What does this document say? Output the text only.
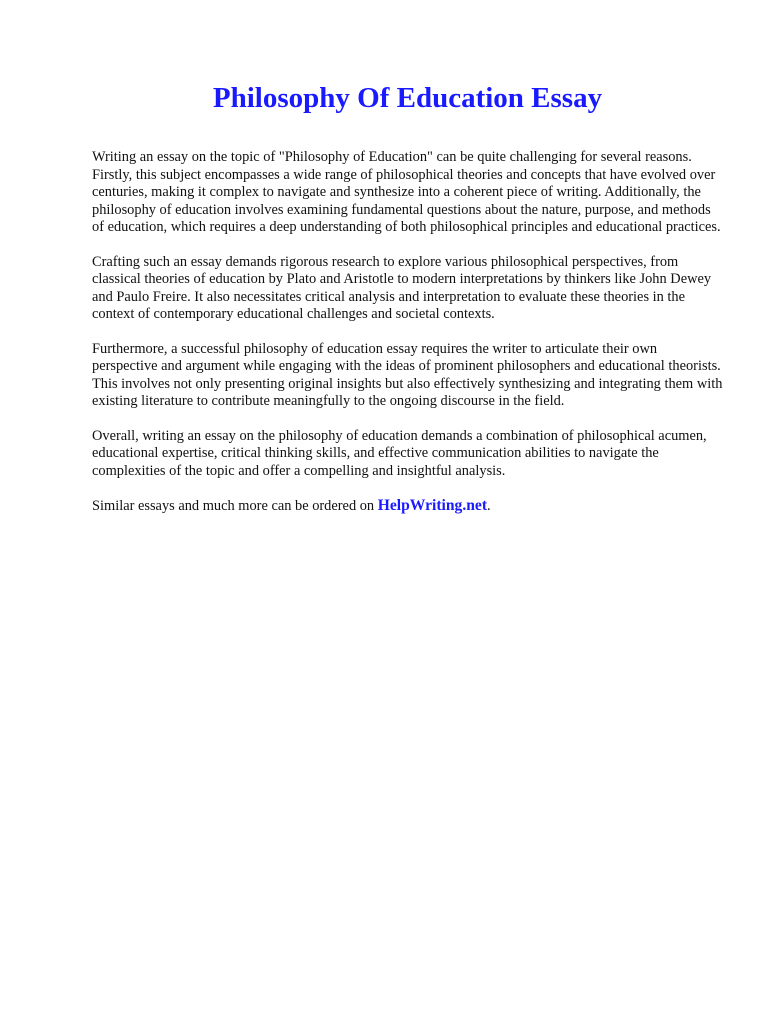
Philosophy Of Education Essay

Writing an essay on the topic of "Philosophy of Education" can be quite challenging for several reasons. Firstly, this subject encompasses a wide range of philosophical theories and concepts that have evolved over centuries, making it complex to navigate and synthesize into a coherent piece of writing. Additionally, the philosophy of education involves examining fundamental questions about the nature, purpose, and methods of education, which requires a deep understanding of both philosophical principles and educational practices.

Crafting such an essay demands rigorous research to explore various philosophical perspectives, from classical theories of education by Plato and Aristotle to modern interpretations by thinkers like John Dewey and Paulo Freire. It also necessitates critical analysis and interpretation to evaluate these theories in the context of contemporary educational challenges and societal contexts.

Furthermore, a successful philosophy of education essay requires the writer to articulate their own perspective and argument while engaging with the ideas of prominent philosophers and educational theorists. This involves not only presenting original insights but also effectively synthesizing and integrating them with existing literature to contribute meaningfully to the ongoing discourse in the field.

Overall, writing an essay on the philosophy of education demands a combination of philosophical acumen, educational expertise, critical thinking skills, and effective communication abilities to navigate the complexities of the topic and offer a compelling and insightful analysis.

Similar essays and much more can be ordered on HelpWriting.net.
